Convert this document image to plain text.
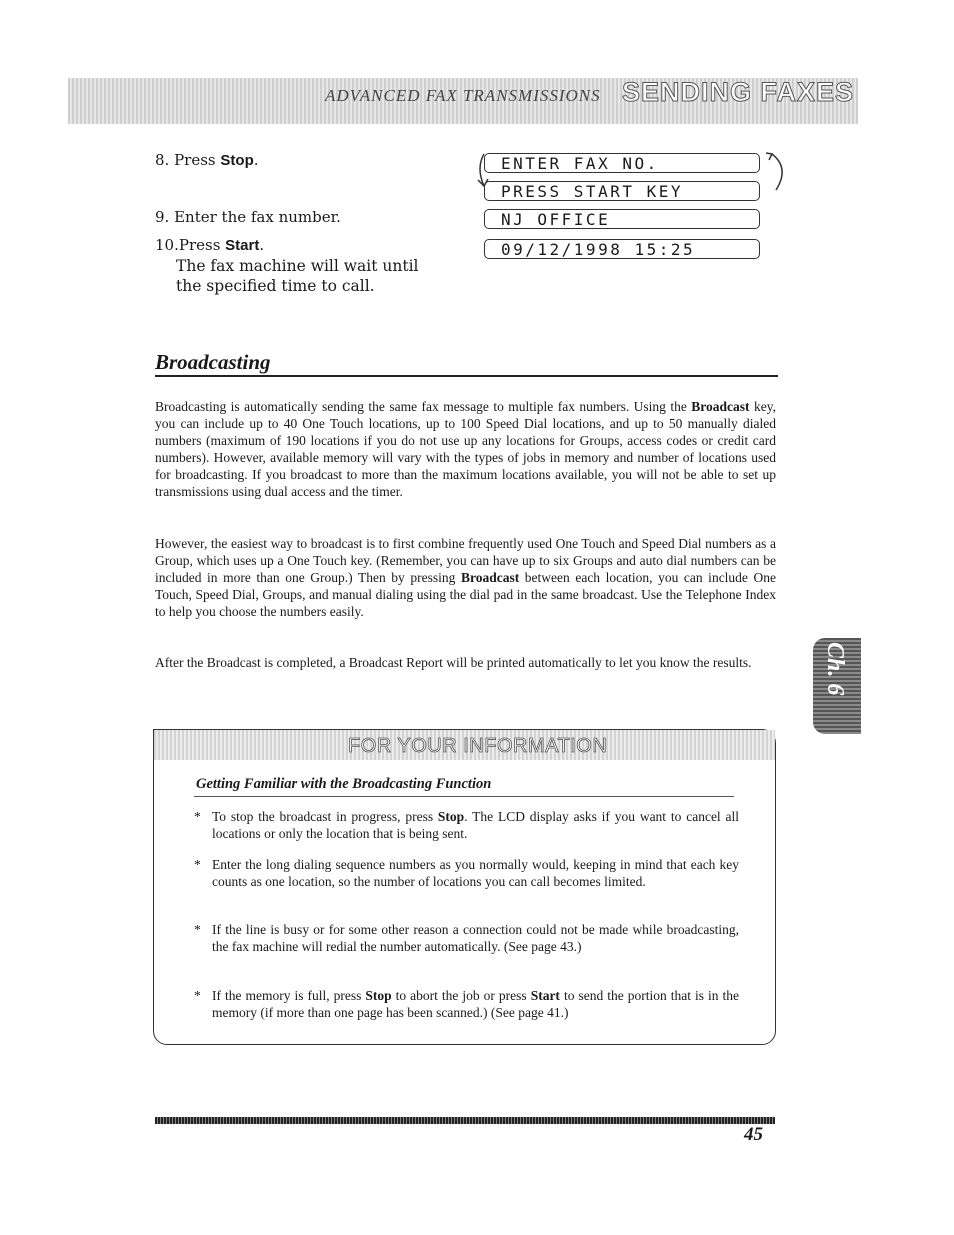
ADVANCED FAX TRANSMISSIONS SENDING FAXES
8. Press Stop.
9. Enter the fax number.
10.Press Start.
The fax machine will wait until the specified time to call.
ENTER FAX NO.
PRESS START KEY
NJ OFFICE
09/12/1998 15:25
Broadcasting
Broadcasting is automatically sending the same fax message to multiple fax numbers. Using the Broadcast key, you can include up to 40 One Touch locations, up to 100 Speed Dial locations, and up to 50 manually dialed numbers (maximum of 190 locations if you do not use up any locations for Groups, access codes or credit card numbers). However, available memory will vary with the types of jobs in memory and number of locations used for broadcasting. If you broadcast to more than the maximum locations available, you will not be able to set up transmissions using dual access and the timer.
However, the easiest way to broadcast is to first combine frequently used One Touch and Speed Dial numbers as a Group, which uses up a One Touch key. (Remember, you can have up to six Groups and auto dial numbers can be included in more than one Group.) Then by pressing Broadcast between each location, you can include One Touch, Speed Dial, Groups, and manual dialing using the dial pad in the same broadcast. Use the Telephone Index to help you choose the numbers easily.
After the Broadcast is completed, a Broadcast Report will be printed automatically to let you know the results.
FOR YOUR INFORMATION
Getting Familiar with the Broadcasting Function
* To stop the broadcast in progress, press Stop. The LCD display asks if you want to cancel all locations or only the location that is being sent.
* Enter the long dialing sequence numbers as you normally would, keeping in mind that each key counts as one location, so the number of locations you can call becomes limited.
* If the line is busy or for some other reason a connection could not be made while broadcasting, the fax machine will redial the number automatically. (See page 43.)
* If the memory is full, press Stop to abort the job or press Start to send the portion that is in the memory (if more than one page has been scanned.) (See page 41.)
Ch. 6
45
